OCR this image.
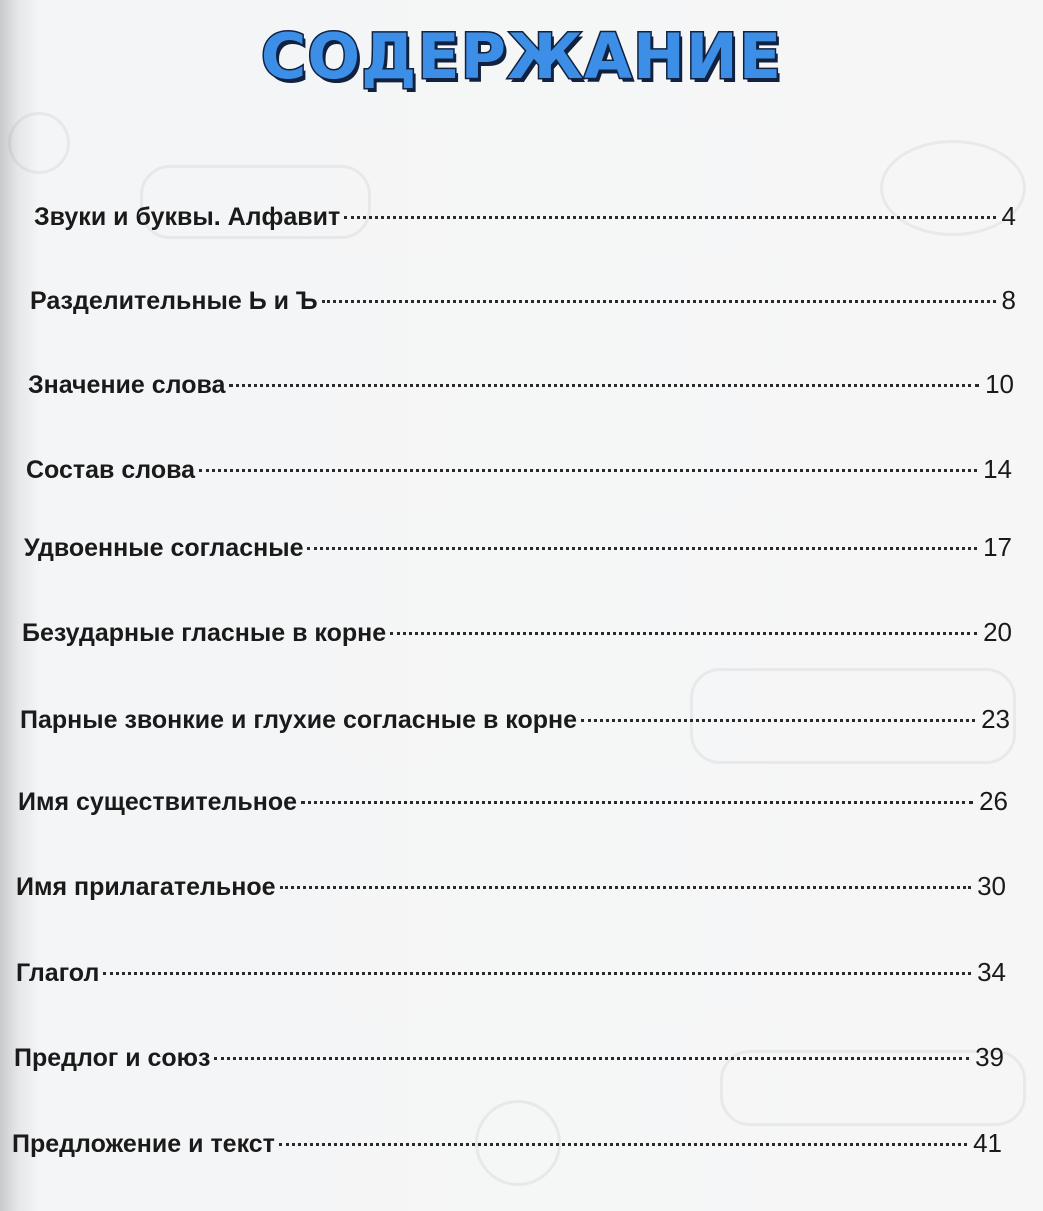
СОДЕРЖАНИЕ
Звуки и буквы. Алфавит	4
Разделительные Ь и Ъ	8
Значение слова	10
Состав слова	14
Удвоенные согласные	17
Безударные гласные в корне	20
Парные звонкие и глухие согласные в корне	23
Имя существительное	26
Имя прилагательное	30
Глагол	34
Предлог и союз	39
Предложение и текст	41
